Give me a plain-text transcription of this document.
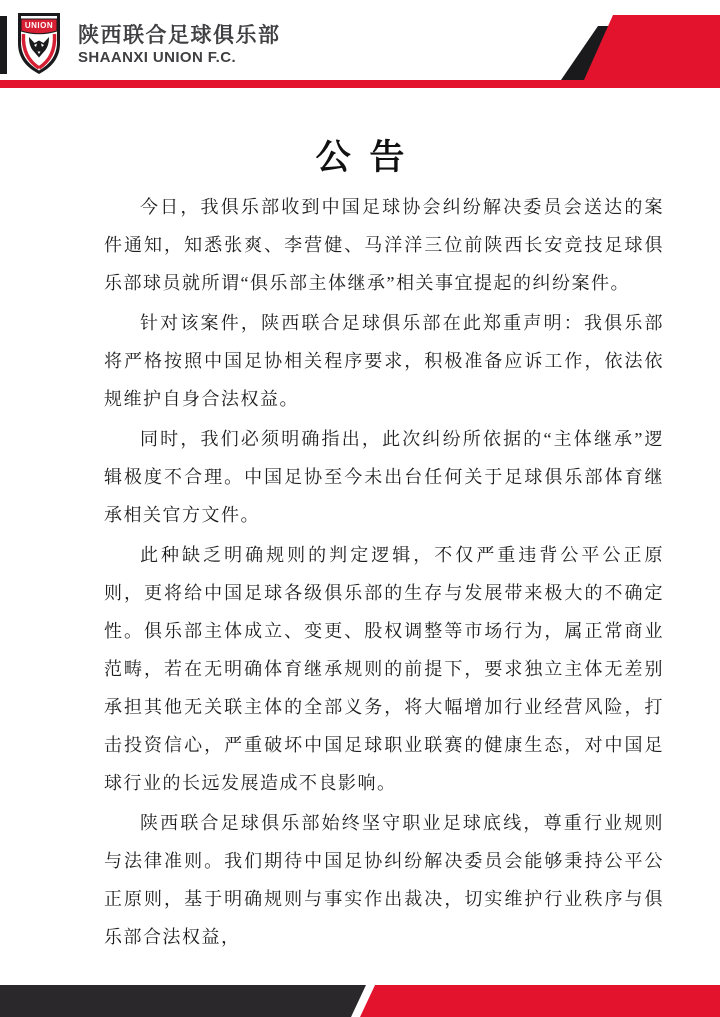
UNION 陕西联合足球俱乐部
SHAANXI UNION F.C.
公 告

今日，我俱乐部收到中国足球协会纠纷解决委员会送达的案件通知，知悉张爽、李营健、马洋洋三位前陕西长安竞技足球俱乐部球员就所谓“俱乐部主体继承”相关事宜提起的纠纷案件。

针对该案件，陕西联合足球俱乐部在此郑重声明：我俱乐部将严格按照中国足协相关程序要求，积极准备应诉工作，依法依规维护自身合法权益。

同时，我们必须明确指出，此次纠纷所依据的“主体继承”逻辑极度不合理。中国足协至今未出台任何关于足球俱乐部体育继承相关官方文件。

此种缺乏明确规则的判定逻辑，不仅严重违背公平公正原则，更将给中国足球各级俱乐部的生存与发展带来极大的不确定性。俱乐部主体成立、变更、股权调整等市场行为，属正常商业范畴，若在无明确体育继承规则的前提下，要求独立主体无差别承担其他无关联主体的全部义务，将大幅增加行业经营风险，打击投资信心，严重破坏中国足球职业联赛的健康生态，对中国足球行业的长远发展造成不良影响。

陕西联合足球俱乐部始终坚守职业足球底线，尊重行业规则与法律准则。我们期待中国足协纠纷解决委员会能够秉持公平公正原则，基于明确规则与事实作出裁决，切实维护行业秩序与俱乐部合法权益，
